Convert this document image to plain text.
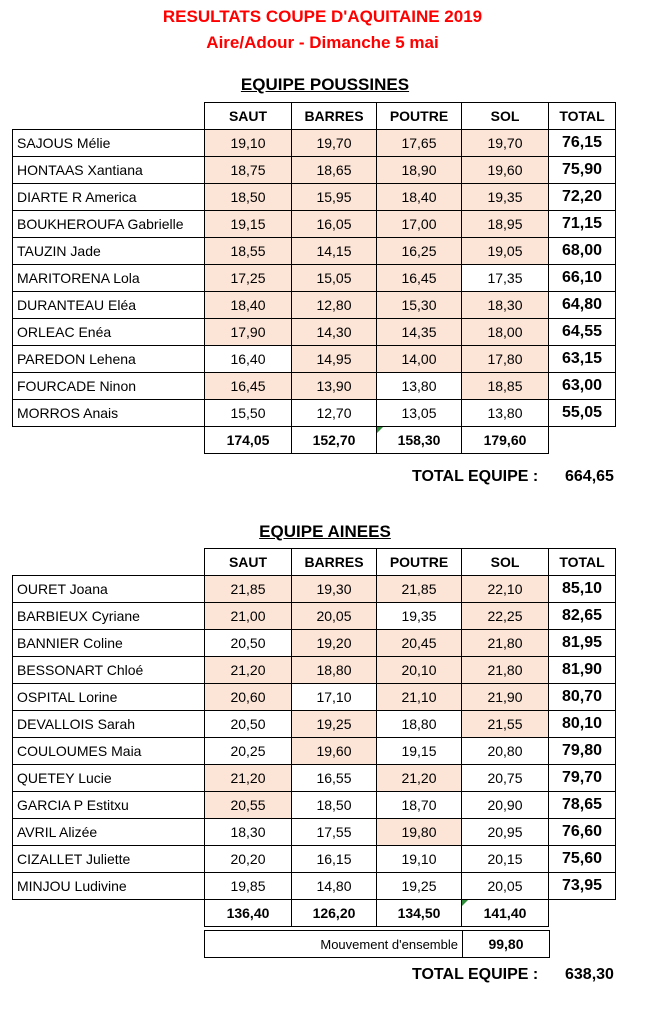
RESULTATS COUPE D'AQUITAINE 2019
Aire/Adour - Dimanche 5 mai
EQUIPE POUSSINES
	SAUT	BARRES	POUTRE	SOL	TOTAL
SAJOUS Mélie	19,10	19,70	17,65	19,70	76,15
HONTAAS Xantiana	18,75	18,65	18,90	19,60	75,90
DIARTE R America	18,50	15,95	18,40	19,35	72,20
BOUKHEROUFA Gabrielle	19,15	16,05	17,00	18,95	71,15
TAUZIN Jade	18,55	14,15	16,25	19,05	68,00
MARITORENA Lola	17,25	15,05	16,45	17,35	66,10
DURANTEAU Eléa	18,40	12,80	15,30	18,30	64,80
ORLEAC Enéa	17,90	14,30	14,35	18,00	64,55
PAREDON Lehena	16,40	14,95	14,00	17,80	63,15
FOURCADE Ninon	16,45	13,90	13,80	18,85	63,00
MORROS Anais	15,50	12,70	13,05	13,80	55,05
	174,05	152,70	158,30	179,60	
TOTAL EQUIPE : 664,65
EQUIPE AINEES
	SAUT	BARRES	POUTRE	SOL	TOTAL
OURET Joana	21,85	19,30	21,85	22,10	85,10
BARBIEUX Cyriane	21,00	20,05	19,35	22,25	82,65
BANNIER Coline	20,50	19,20	20,45	21,80	81,95
BESSONART Chloé	21,20	18,80	20,10	21,80	81,90
OSPITAL Lorine	20,60	17,10	21,10	21,90	80,70
DEVALLOIS Sarah	20,50	19,25	18,80	21,55	80,10
COULOUMES Maia	20,25	19,60	19,15	20,80	79,80
QUETEY Lucie	21,20	16,55	21,20	20,75	79,70
GARCIA P Estitxu	20,55	18,50	18,70	20,90	78,65
AVRIL Alizée	18,30	17,55	19,80	20,95	76,60
CIZALLET Juliette	20,20	16,15	19,10	20,15	75,60
MINJOU Ludivine	19,85	14,80	19,25	20,05	73,95
	136,40	126,20	134,50	141,40	
Mouvement d'ensemble	99,80
TOTAL EQUIPE : 638,30
